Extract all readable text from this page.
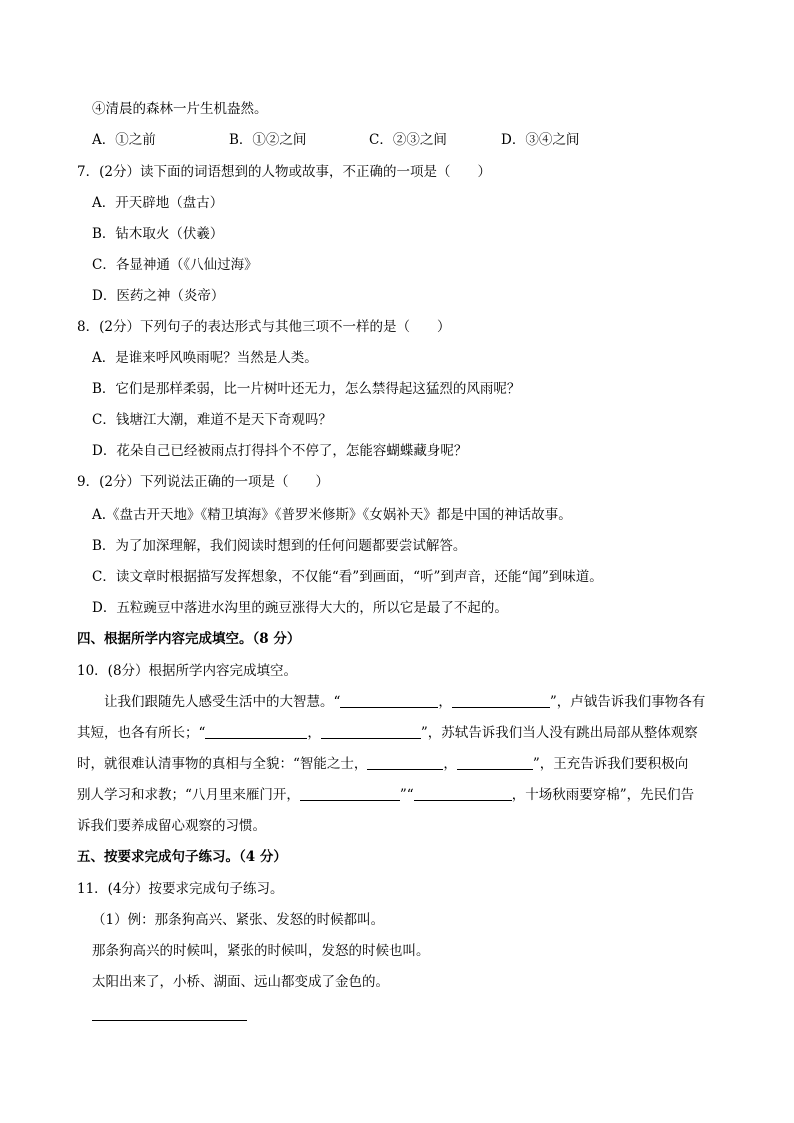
④清晨的森林一片生机盎然。
A．①之前	B．①②之间	C．②③之间	D．③④之间
7．(2分）读下面的词语想到的人物或故事，不正确的一项是（　　）
A．开天辟地（盘古）
B．钻木取火（伏羲）
C．各显神通（《八仙过海》
D．医药之神（炎帝）
8．(2分）下列句子的表达形式与其他三项不一样的是（　　）
A．是谁来呼风唤雨呢？当然是人类。
B．它们是那样柔弱，比一片树叶还无力，怎么禁得起这猛烈的风雨呢？
C．钱塘江大潮，难道不是天下奇观吗？
D．花朵自己已经被雨点打得抖个不停了，怎能容蝴蝶藏身呢？
9．(2分）下列说法正确的一项是（　　）
A.《盘古开天地》《精卫填海》《普罗米修斯》《女娲补天》都是中国的神话故事。
B．为了加深理解，我们阅读时想到的任何问题都要尝试解答。
C．读文章时根据描写发挥想象，不仅能“看”到画面，“听”到声音，还能“闻”到味道。
D．五粒豌豆中落进水沟里的豌豆涨得大大的，所以它是最了不起的。
四、根据所学内容完成填空。（8 分）
10．(8分）根据所学内容完成填空。
让我们跟随先人感受生活中的大智慧。“	，	”，卢钺告诉我们事物各有
其短，也各有所长；“	，	”，苏轼告诉我们当人没有跳出局部从整体观察
时，就很难认清事物的真相与全貌：“智能之士，	，	”，王充告诉我们要积极向
别人学习和求教；“八月里来雁门开，	”“	，十场秋雨要穿棉”，先民们告
诉我们要养成留心观察的习惯。
五、按要求完成句子练习。（4 分）
11．(4分）按要求完成句子练习。
（1）例：那条狗高兴、紧张、发怒的时候都叫。
那条狗高兴的时候叫，紧张的时候叫，发怒的时候也叫。
太阳出来了，小桥、湖面、远山都变成了金色的。
